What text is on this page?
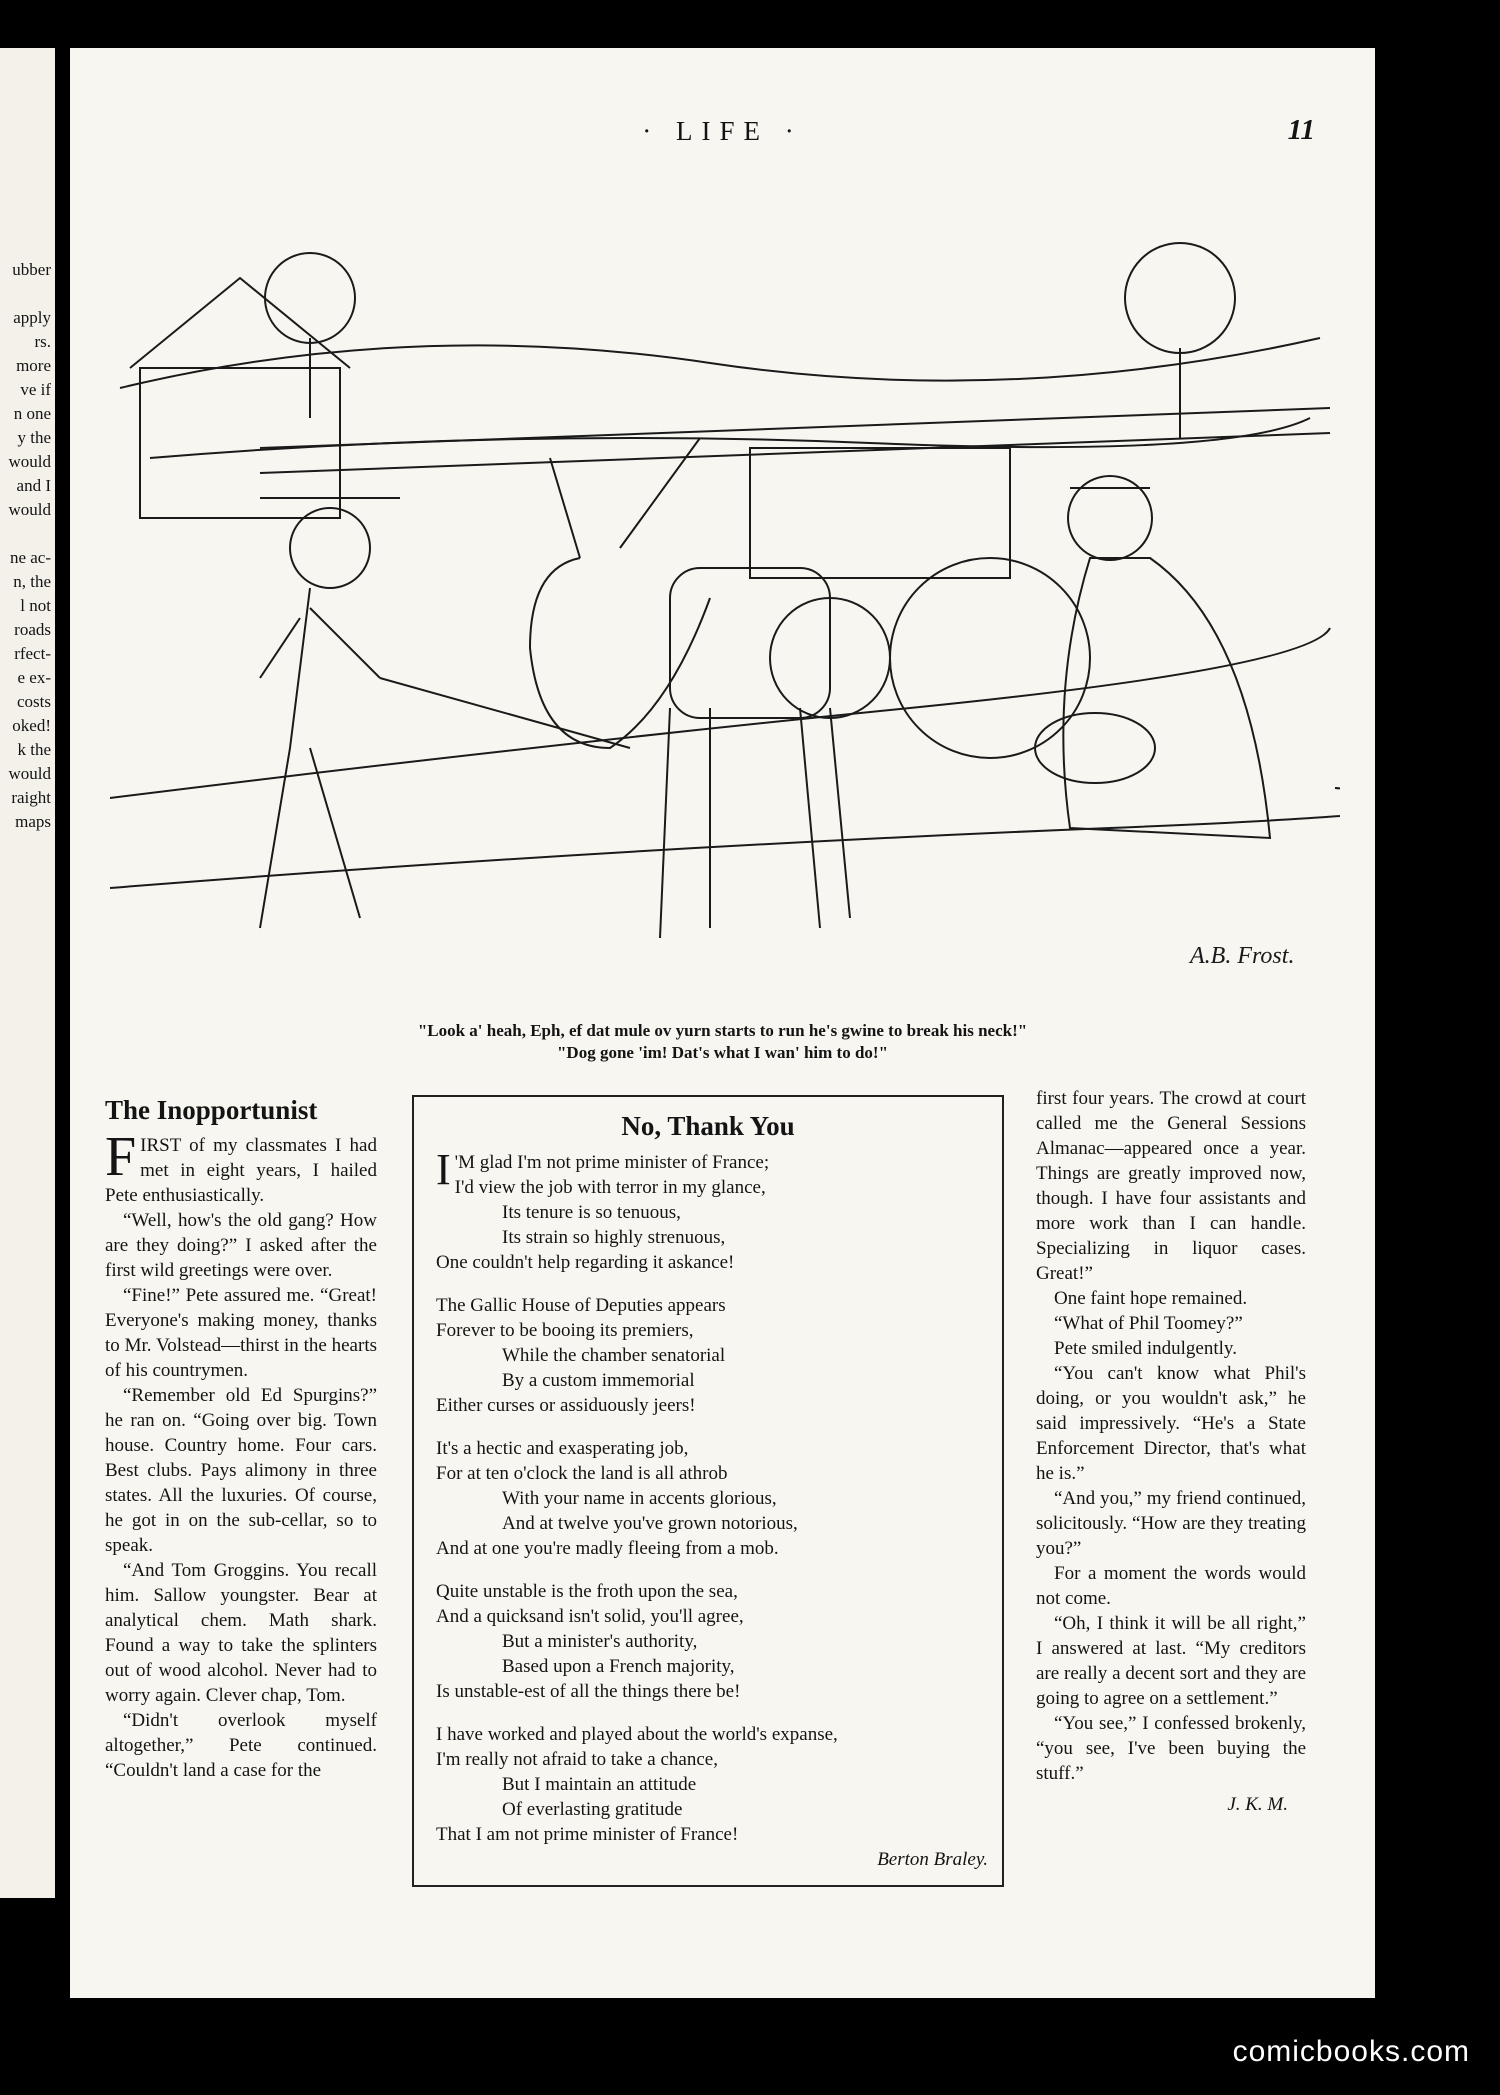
ubber
apply
rs.
more
ve if
n one
y the
would
and I
would
ne ac-
n, the
l not
roads
rfect-
e ex-
costs
oked!
k the
would
raight
maps
· LIFE ·	11
A.B. Frost.
"Look a' heah, Eph, ef dat mule ov yurn starts to run he's gwine to break his neck!"
"Dog gone 'im! Dat's what I wan' him to do!"
The Inopportunist

FIRST of my classmates I had met in eight years, I hailed Pete enthusiastically.

“Well, how's the old gang? How are they doing?” I asked after the first wild greetings were over.

“Fine!” Pete assured me. “Great! Everyone's making money, thanks to Mr. Volstead—thirst in the hearts of his countrymen.

“Remember old Ed Spurgins?” he ran on. “Going over big. Town house. Country home. Four cars. Best clubs. Pays alimony in three states. All the luxuries. Of course, he got in on the sub-cellar, so to speak.

“And Tom Groggins. You recall him. Sallow youngster. Bear at analytical chem. Math shark. Found a way to take the splinters out of wood alcohol. Never had to worry again. Clever chap, Tom.

“Didn't overlook myself altogether,” Pete continued. “Couldn't land a case for the

No, Thank You
I 'M glad I'm not prime minister of France;
I'd view the job with terror in my glance,
Its tenure is so tenuous,
Its strain so highly strenuous,
One couldn't help regarding it askance!
The Gallic House of Deputies appears
Forever to be booing its premiers,
While the chamber senatorial
By a custom immemorial
Either curses or assiduously jeers!
It's a hectic and exasperating job,
For at ten o'clock the land is all athrob
With your name in accents glorious,
And at twelve you've grown notorious,
And at one you're madly fleeing from a mob.
Quite unstable is the froth upon the sea,
And a quicksand isn't solid, you'll agree,
But a minister's authority,
Based upon a French majority,
Is unstable-est of all the things there be!
I have worked and played about the world's expanse,
I'm really not afraid to take a chance,
But I maintain an attitude
Of everlasting gratitude
That I am not prime minister of France!
Berton Braley.

first four years. The crowd at court called me the General Sessions Almanac—appeared once a year. Things are greatly improved now, though. I have four assistants and more work than I can handle. Specializing in liquor cases. Great!”

One faint hope remained.

“What of Phil Toomey?”

Pete smiled indulgently.

“You can't know what Phil's doing, or you wouldn't ask,” he said impressively. “He's a State Enforcement Director, that's what he is.”

“And you,” my friend continued, solicitously. “How are they treating you?”

For a moment the words would not come.

“Oh, I think it will be all right,” I answered at last. “My creditors are really a decent sort and they are going to agree on a settlement.”

“You see,” I confessed brokenly, “you see, I've been buying the stuff.”

J. K. M.
comicbooks.com
